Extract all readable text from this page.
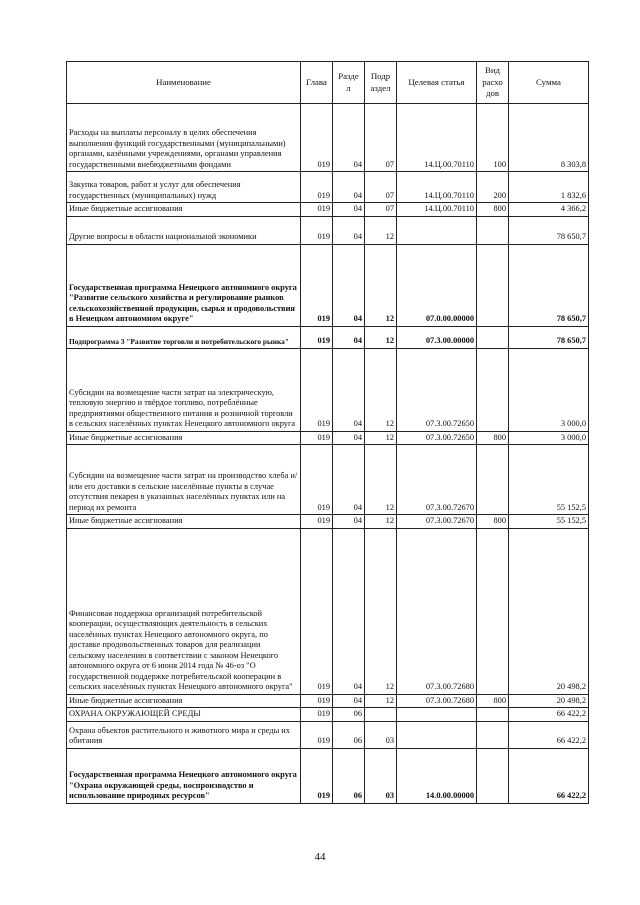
Наименование	Глава	Разде л	Подр аздел	Целевая статья	Вид расхо дов	Сумма
Расходы на выплаты персоналу в целях обеспечения выполнения функций государственными (муниципальными) органами, казёнными учреждениями, органами управления государственными внебюджетными фондами	019	04	07	14.Ц.00.70110	100	8 303,8
Закупка товаров, работ и услуг для обеспечения государственных (муниципальных) нужд	019	04	07	14.Ц.00.70110	200	1 832,6
Иные бюджетные ассигнования	019	04	07	14.Ц.00.70110	800	4 366,2
Другие вопросы в области национальной экономики	019	04	12			78 650,7
Государственная программа Ненецкого автономного округа "Развитие сельского хозяйства и регулирование рынков сельскохозяйственной продукции, сырья и продовольствия в Ненецком автономном округе"	019	04	12	07.0.00.00000		78 650,7
Подпрограмма 3 "Развитие торговли и потребительского рынка"	019	04	12	07.3.00.00000		78 650,7
Субсидии на возмещение части затрат на электрическую, тепловую энергию и твёрдое топливо, потреблённые предприятиями общественного питания и розничной торговли в сельских населённых пунктах Ненецкого автономного округа	019	04	12	07.3.00.72650		3 000,0
Иные бюджетные ассигнования	019	04	12	07.3.00.72650	800	3 000,0
Субсидии на возмещение части затрат на производство хлеба и/или его доставки в сельские населённые пункты в случае отсутствия пекарен в указанных населённых пунктах или на период их ремонта	019	04	12	07.3.00.72670		55 152,5
Иные бюджетные ассигнования	019	04	12	07.3.00.72670	800	55 152,5
Финансовая поддержка организаций потребительской кооперации, осуществляющих деятельность в сельских населённых пунктах Ненецкого автономного округа, по доставке продовольственных товаров для реализации сельскому населению в соответствии с законом Ненецкого автономного округа от 6 июня 2014 года № 46-оз "О государственной поддержке потребительской кооперации в сельских населённых пунктах Ненецкого автономного округа"	019	04	12	07.3.00.72680		20 498,2
Иные бюджетные ассигнования	019	04	12	07.3.00.72680	800	20 498,2
ОХРАНА ОКРУЖАЮЩЕЙ СРЕДЫ	019	06				66 422,2
Охрана объектов растительного и животного мира и среды их обитания	019	06	03			66 422,2
Государственная программа Ненецкого автономного округа "Охрана окружающей среды, воспроизводство и использование природных ресурсов"	019	06	03	14.0.00.00000		66 422,2
44
